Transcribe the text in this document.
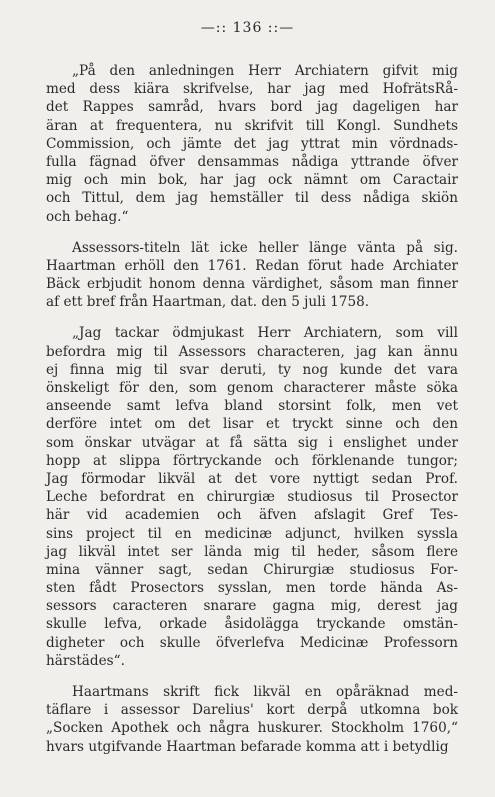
—:: 136 ::—
„På den anledningen Herr Archiatern gifvit mig
med dess kiära skrifvelse, har jag med HofrätsRå-
det Rappes samråd, hvars bord jag dageligen har
äran at frequentera, nu skrifvit till Kongl. Sundhets
Commission, och jämte det jag yttrat min vördnads-
fulla fägnad öfver densammas nådiga yttrande öfver
mig och min bok, har jag ock nämnt om Caractair
och Tittul, dem jag hemställer til dess nådiga skiön
och behag.“
Assessors-titeln lät icke heller länge vänta på sig.
Haartman erhöll den 1761. Redan förut hade Archiater
Bäck erbjudit honom denna värdighet, såsom man finner
af ett bref från Haartman, dat. den 5 juli 1758.
„Jag tackar ödmjukast Herr Archiatern, som vill
befordra mig til Assessors characteren, jag kan ännu
ej finna mig til svar deruti, ty nog kunde det vara
önskeligt för den, som genom characterer måste söka
anseende samt lefva bland storsint folk, men vet
derföre intet om det lisar et tryckt sinne och den
som önskar utvägar at få sätta sig i enslighet under
hopp at slippa förtryckande och förklenande tungor;
Jag förmodar likväl at det vore nyttigt sedan Prof.
Leche befordrat en chirurgiæ studiosus til Prosector
här vid academien och äfven afslagit Gref Tes-
sins project til en medicinæ adjunct, hvilken syssla
jag likväl intet ser lända mig til heder, såsom flere
mina vänner sagt, sedan Chirurgiæ studiosus For-
sten fådt Prosectors sysslan, men torde hända As-
sessors caracteren snarare gagna mig, derest jag
skulle lefva, orkade åsidolägga tryckande omstän-
digheter och skulle öfverlefva Medicinæ Professorn
härstädes“.
Haartmans skrift fick likväl en opåräknad med-
täflare i assessor Darelius' kort derpå utkomna bok
„Socken Apothek och några huskurer. Stockholm 1760,“
hvars utgifvande Haartman befarade komma att i betydlig
